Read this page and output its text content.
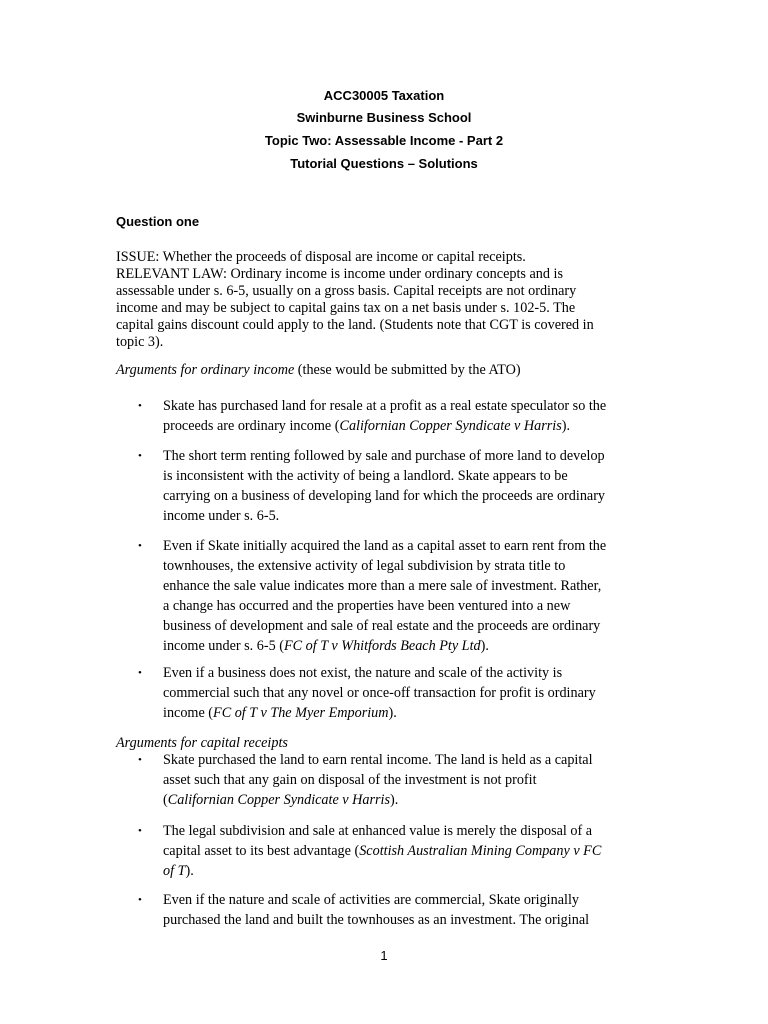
ACC30005 Taxation
Swinburne Business School
Topic Two: Assessable Income - Part 2
Tutorial Questions – Solutions
Question one
ISSUE: Whether the proceeds of disposal are income or capital receipts.
RELEVANT LAW: Ordinary income is income under ordinary concepts and is
assessable under s. 6-5, usually on a gross basis. Capital receipts are not ordinary
income and may be subject to capital gains tax on a net basis under s. 102-5. The
capital gains discount could apply to the land. (Students note that CGT is covered in
topic 3).
Arguments for ordinary income (these would be submitted by the ATO)
• Skate has purchased land for resale at a profit as a real estate speculator so the
proceeds are ordinary income (Californian Copper Syndicate v Harris).
• The short term renting followed by sale and purchase of more land to develop
is inconsistent with the activity of being a landlord. Skate appears to be
carrying on a business of developing land for which the proceeds are ordinary
income under s. 6-5.
• Even if Skate initially acquired the land as a capital asset to earn rent from the
townhouses, the extensive activity of legal subdivision by strata title to
enhance the sale value indicates more than a mere sale of investment. Rather,
a change has occurred and the properties have been ventured into a new
business of development and sale of real estate and the proceeds are ordinary
income under s. 6-5 (FC of T v Whitfords Beach Pty Ltd).
• Even if a business does not exist, the nature and scale of the activity is
commercial such that any novel or once-off transaction for profit is ordinary
income (FC of T v The Myer Emporium).
Arguments for capital receipts
• Skate purchased the land to earn rental income. The land is held as a capital
asset such that any gain on disposal of the investment is not profit
(Californian Copper Syndicate v Harris).
• The legal subdivision and sale at enhanced value is merely the disposal of a
capital asset to its best advantage (Scottish Australian Mining Company v FC
of T).
• Even if the nature and scale of activities are commercial, Skate originally
purchased the land and built the townhouses as an investment. The original
1
